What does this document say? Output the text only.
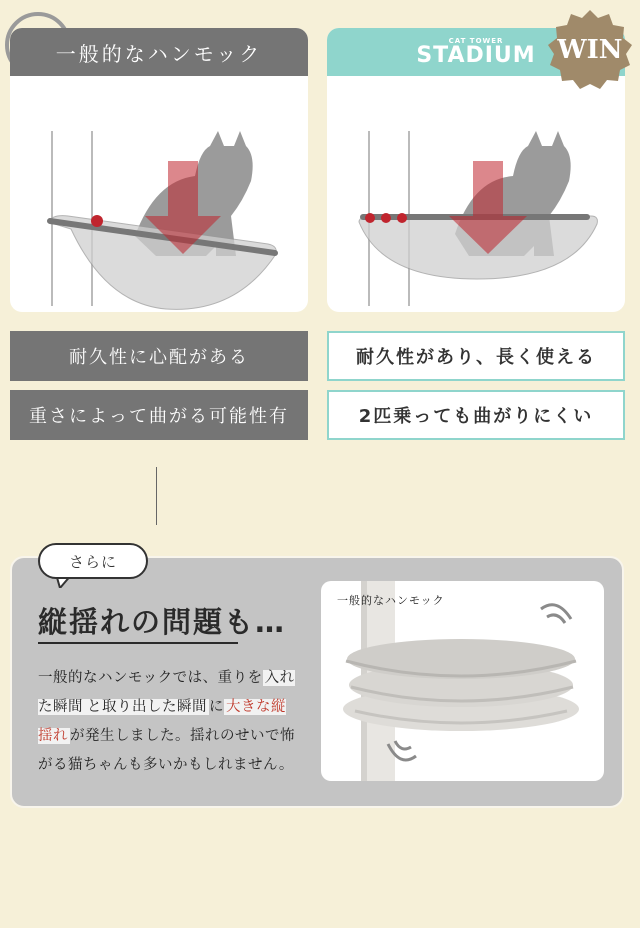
一般的なハンモック
CAT TOWER
STADIUM WIN
耐久性に心配がある
重さによって曲がる可能性有
耐久性があり、長く使える
2匹乗っても曲がりにくい
さらに
縦揺れの問題も…
一般的なハンモックでは、重りを 入れた瞬間 と取り出した瞬間 に 大きな縦揺れ が発生しました。揺れのせいで怖がる猫ちゃんも多いかもしれません。
一般的なハンモック
